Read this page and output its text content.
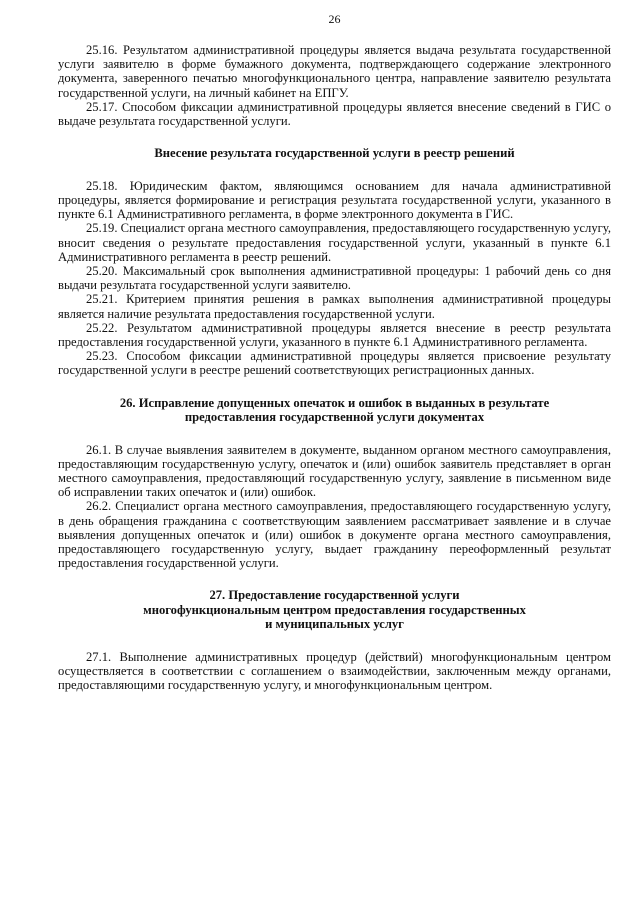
26

25.16. Результатом административной процедуры является выдача результата государственной услуги заявителю в форме бумажного документа, подтверждающего содержание электронного документа, заверенного печатью многофункционального центра, направление заявителю результата государственной услуги, на личный кабинет на ЕПГУ.

25.17. Способом фиксации административной процедуры является внесение сведений в ГИС о выдаче результата государственной услуги.

Внесение результата государственной услуги в реестр решений

25.18. Юридическим фактом, являющимся основанием для начала административной процедуры, является формирование и регистрация результата государственной услуги, указанного в пункте 6.1 Административного регламента, в форме электронного документа в ГИС.

25.19. Специалист органа местного самоуправления, предоставляющего государственную услугу, вносит сведения о результате предоставления государственной услуги, указанный в пункте 6.1 Административного регламента в реестр решений.

25.20. Максимальный срок выполнения административной процедуры: 1 рабочий день со дня выдачи результата государственной услуги заявителю.

25.21. Критерием принятия решения в рамках выполнения административной процедуры является наличие результата предоставления государственной услуги.

25.22. Результатом административной процедуры является внесение в реестр результата предоставления государственной услуги, указанного в пункте 6.1 Административного регламента.

25.23. Способом фиксации административной процедуры является присвоение результату государственной услуги в реестре решений соответствующих регистрационных данных.

26. Исправление допущенных опечаток и ошибок в выданных в результате
предоставления государственной услуги документах

26.1. В случае выявления заявителем в документе, выданном органом местного самоуправления, предоставляющим государственную услугу, опечаток и (или) ошибок заявитель представляет в орган местного самоуправления, предоставляющий государственную услугу, заявление в письменном виде об исправлении таких опечаток и (или) ошибок.

26.2. Специалист органа местного самоуправления, предоставляющего государственную услугу, в день обращения гражданина с соответствующим заявлением рассматривает заявление и в случае выявления допущенных опечаток и (или) ошибок в документе органа местного самоуправления, предоставляющего государственную услугу, выдает гражданину переоформленный результат предоставления государственной услуги.

27. Предоставление государственной услуги
многофункциональным центром предоставления государственных
и муниципальных услуг

27.1. Выполнение административных процедур (действий) многофункциональным центром осуществляется в соответствии с соглашением о взаимодействии, заключенным между органами, предоставляющими государственную услугу, и многофункциональным центром.
